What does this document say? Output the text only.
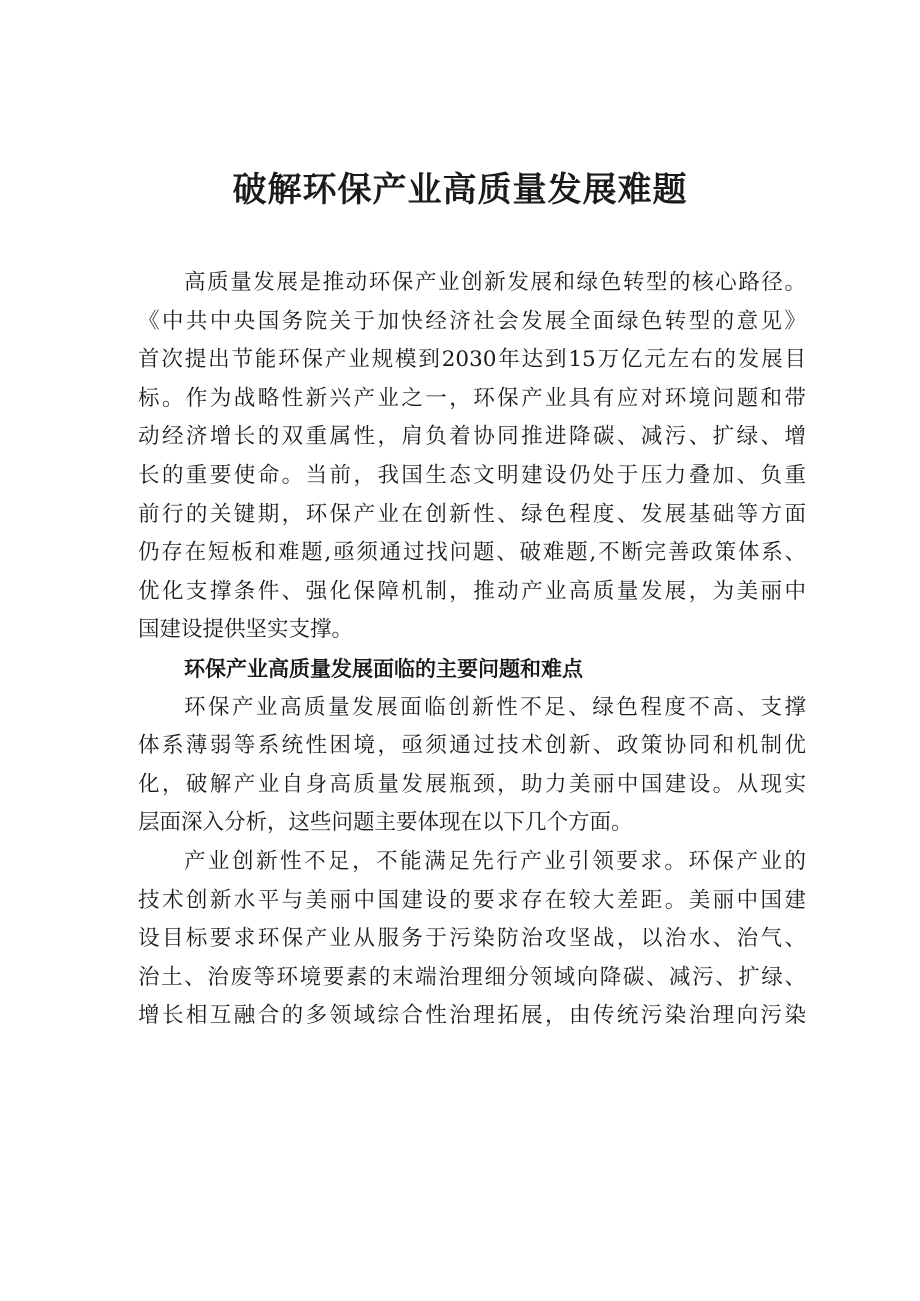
破解环保产业高质量发展难题
高质量发展是推动环保产业创新发展和绿色转型的核心路径。
《中共中央国务院关于加快经济社会发展全面绿色转型的意见》
首次提出节能环保产业规模到2030年达到15万亿元左右的发展目
标。作为战略性新兴产业之一，环保产业具有应对环境问题和带
动经济增长的双重属性，肩负着协同推进降碳、减污、扩绿、增
长的重要使命。当前，我国生态文明建设仍处于压力叠加、负重
前行的关键期，环保产业在创新性、绿色程度、发展基础等方面
仍存在短板和难题,亟须通过找问题、破难题,不断完善政策体系、
优化支撑条件、强化保障机制，推动产业高质量发展，为美丽中
国建设提供坚实支撑。
环保产业高质量发展面临的主要问题和难点
环保产业高质量发展面临创新性不足、绿色程度不高、支撑
体系薄弱等系统性困境，亟须通过技术创新、政策协同和机制优
化，破解产业自身高质量发展瓶颈，助力美丽中国建设。从现实
层面深入分析，这些问题主要体现在以下几个方面。
产业创新性不足，不能满足先行产业引领要求。环保产业的
技术创新水平与美丽中国建设的要求存在较大差距。美丽中国建
设目标要求环保产业从服务于污染防治攻坚战，以治水、治气、
治土、治废等环境要素的末端治理细分领域向降碳、减污、扩绿、
增长相互融合的多领域综合性治理拓展，由传统污染治理向污染
